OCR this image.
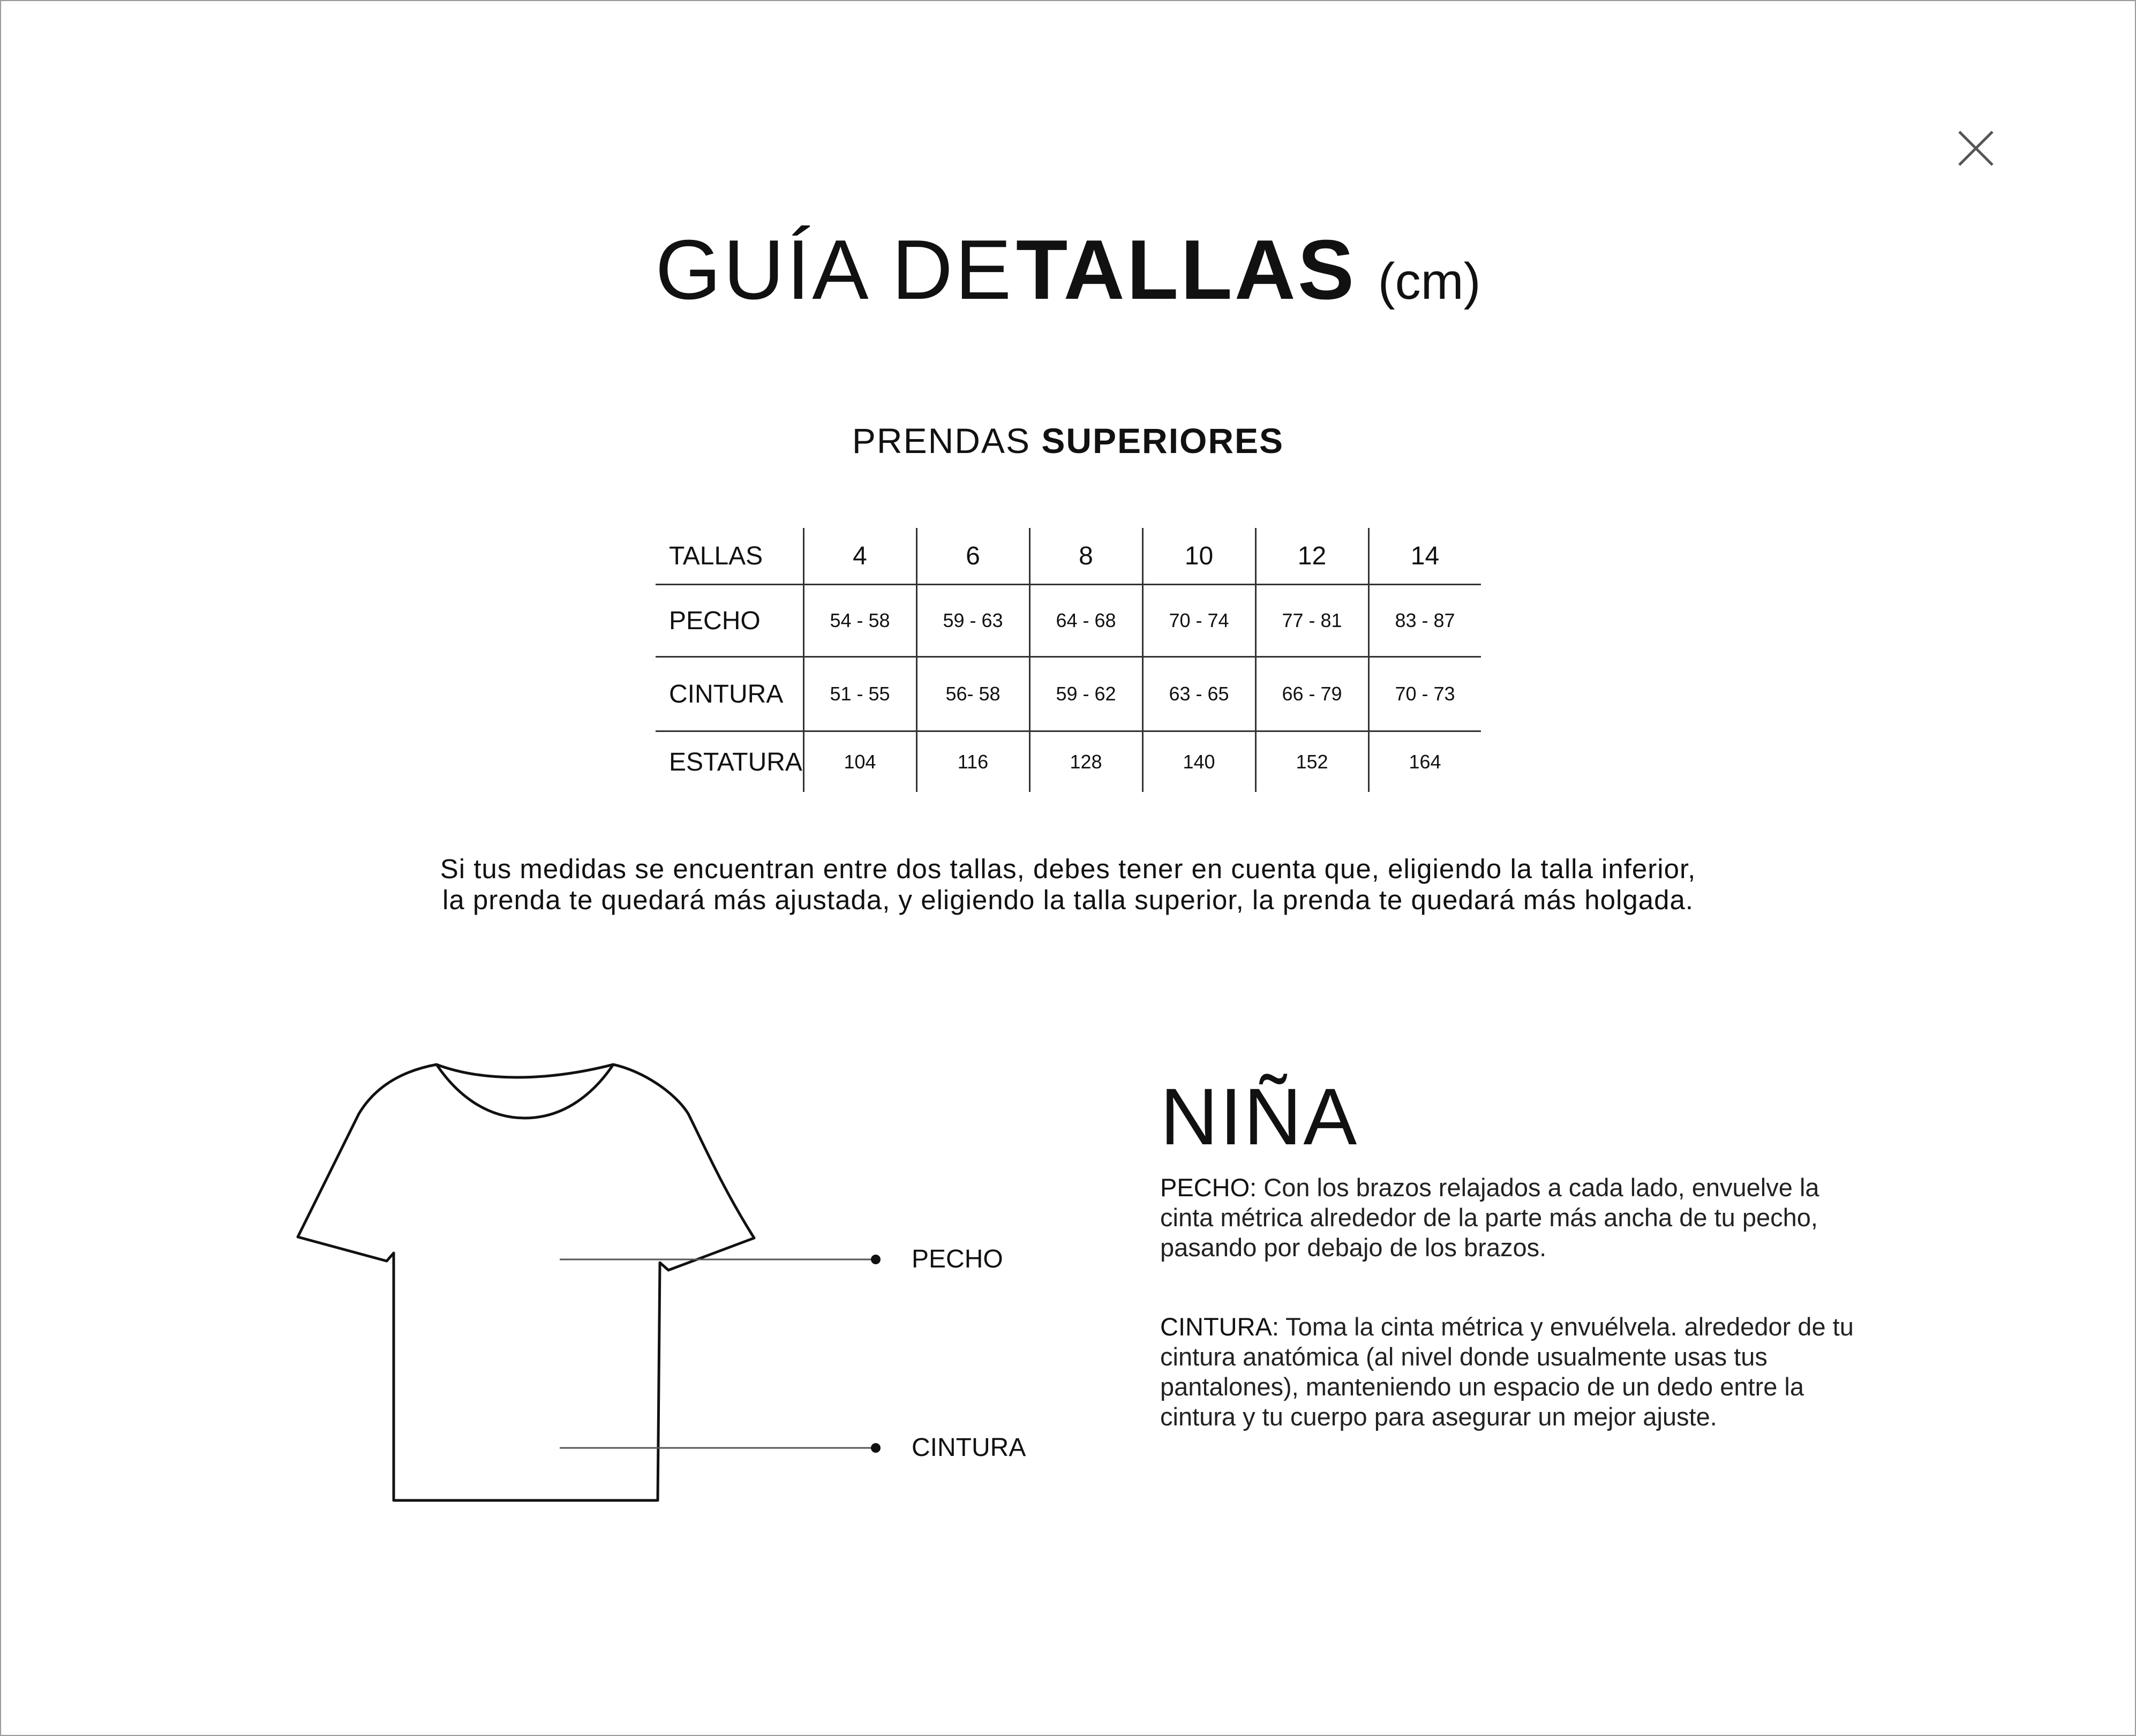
GUÍA DE TALLAS (cm)
PRENDAS SUPERIORES
TALLAS	4	6	8	10	12	14
PECHO	54 - 58	59 - 63	64 - 68	70 - 74	77 - 81	83 - 87
CINTURA	51 - 55	56- 58	59 - 62	63 - 65	66 - 79	70 - 73
ESTATURA	104	116	128	140	152	164

Si tus medidas se encuentran entre dos tallas, debes tener en cuenta que, eligiendo la talla inferior,

la prenda te quedará más ajustada, y eligiendo la talla superior, la prenda te quedará más holgada.

PECHO
CINTURA
NIÑA
PECHO: Con los brazos relajados a cada lado, envuelve la cinta métrica alrededor de la parte más ancha de tu pecho, pasando por debajo de los brazos.
CINTURA: Toma la cinta métrica y envuélvela. alrededor de tu cintura anatómica (al nivel donde usualmente usas tus pantalones), manteniendo un espacio de un dedo entre la cintura y tu cuerpo para asegurar un mejor ajuste.
